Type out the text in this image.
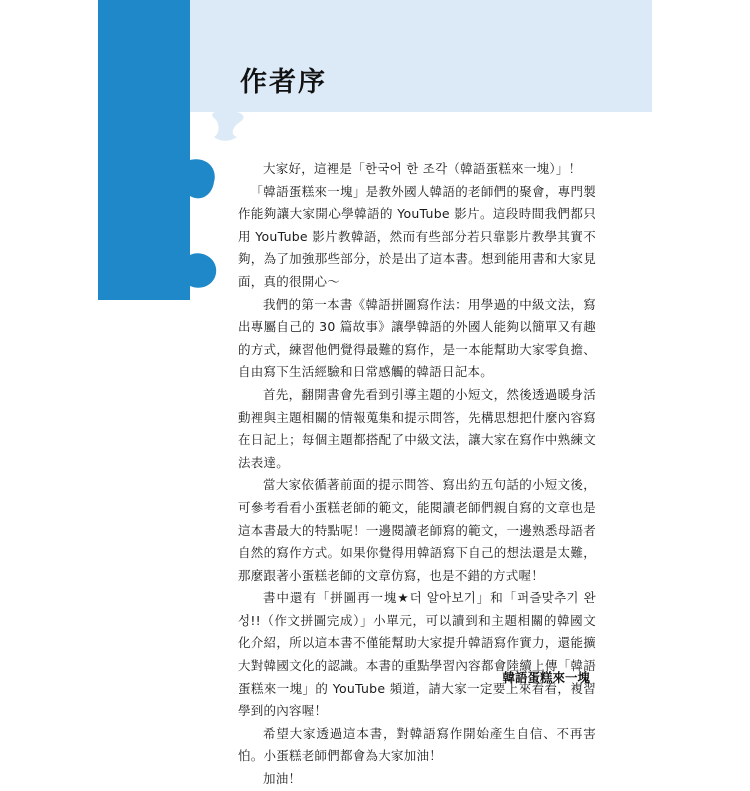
作者序

大家好，這裡是「한국어 한 조각（韓語蛋糕來一塊）」！

「韓語蛋糕來一塊」是教外國人韓語的老師們的聚會，專門製作能夠讓大家開心學韓語的 YouTube 影片。這段時間我們都只用 YouTube 影片教韓語，然而有些部分若只靠影片教學其實不夠，為了加強那些部分，於是出了這本書。想到能用書和大家見面，真的很開心～

我們的第一本書《韓語拼圖寫作法：用學過的中級文法，寫出專屬自己的 30 篇故事》讓學韓語的外國人能夠以簡單又有趣的方式，練習他們覺得最難的寫作，是一本能幫助大家零負擔、自由寫下生活經驗和日常感觸的韓語日記本。

首先，翻開書會先看到引導主題的小短文，然後透過暖身活動裡與主題相關的情報蒐集和提示問答，先構思想把什麼內容寫在日記上；每個主題都搭配了中級文法，讓大家在寫作中熟練文法表達。

當大家依循著前面的提示問答、寫出約五句話的小短文後，可參考看看小蛋糕老師的範文，能閱讀老師們親自寫的文章也是這本書最大的特點呢！一邊閱讀老師寫的範文，一邊熟悉母語者自然的寫作方式。如果你覺得用韓語寫下自己的想法還是太難，那麼跟著小蛋糕老師的文章仿寫，也是不錯的方式喔！

書中還有「拼圖再一塊★더 알아보기」和「퍼즐맞추기 완성!!（作文拼圖完成）」小單元，可以讀到和主題相關的韓國文化介紹，所以這本書不僅能幫助大家提升韓語寫作實力，還能擴大對韓國文化的認識。本書的重點學習內容都會陸續上傳「韓語蛋糕來一塊」的 YouTube 頻道，請大家一定要上來看看，複習學到的內容喔！

希望大家透過這本書，對韓語寫作開始產生自信、不再害怕。小蛋糕老師們都會為大家加油！

加油！

韓語蛋糕來一塊
